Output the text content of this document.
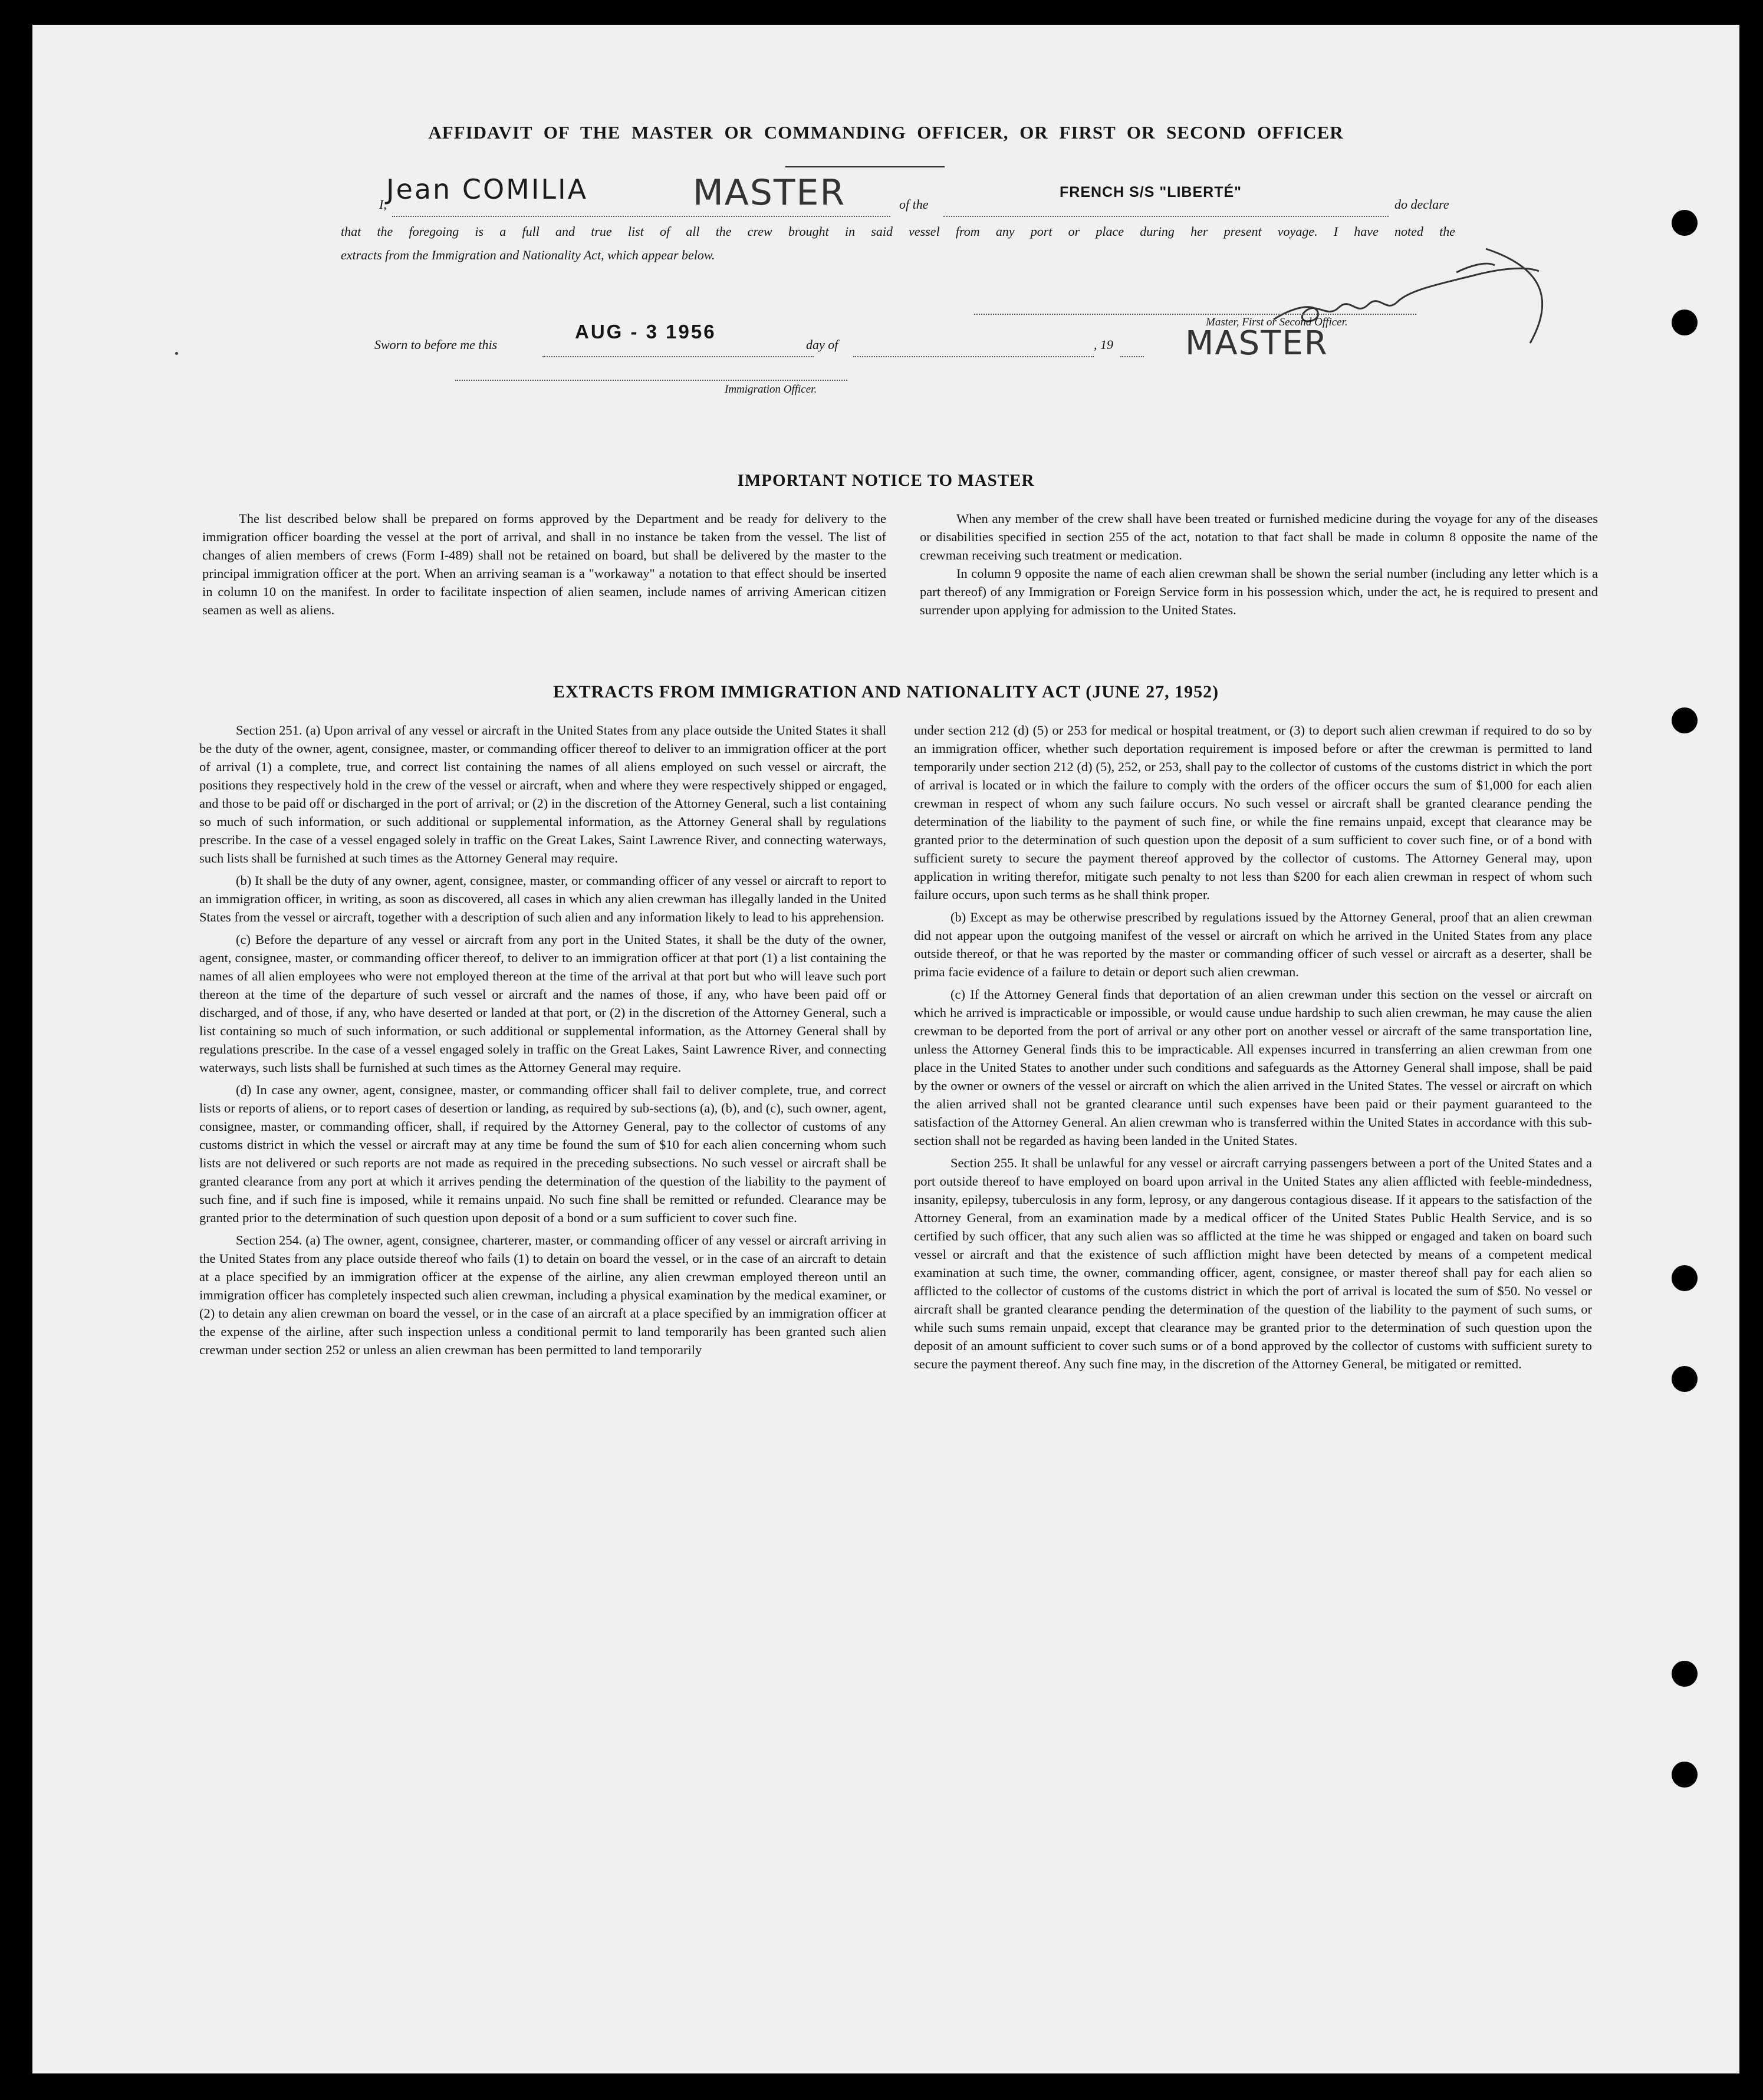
AFFIDAVIT OF THE MASTER OR COMMANDING OFFICER, OR FIRST OR SECOND OFFICER
I, Jean COMILIA	MASTER	of the
FRENCH S/S "LIBERTÉ"
do declare
that the foregoing is a full and true list of all the crew brought in said vessel from any port or place during her present voyage. I have noted the
extracts from the Immigration and Nationality Act, which appear below.
Sworn to before me this
AUG - 3 1956
day of	, 19
Master, First or Second Officer.
MASTER
Immigration Officer.
IMPORTANT NOTICE TO MASTER

The list described below shall be prepared on forms approved by the Department and be ready for delivery to the immigration officer boarding the vessel at the port of arrival, and shall in no instance be taken from the vessel. The list of changes of alien members of crews (Form I-489) shall not be retained on board, but shall be delivered by the master to the principal immigration officer at the port. When an arriving seaman is a "workaway" a notation to that effect should be inserted in column 10 on the manifest. In order to facilitate inspection of alien seamen, include names of arriving American citizen seamen as well as aliens.

When any member of the crew shall have been treated or furnished medicine during the voyage for any of the diseases or disabilities specified in section 255 of the act, notation to that fact shall be made in column 8 opposite the name of the crewman receiving such treatment or medication.

In column 9 opposite the name of each alien crewman shall be shown the serial number (including any letter which is a part thereof) of any Immigration or Foreign Service form in his possession which, under the act, he is required to present and surrender upon applying for admission to the United States.

EXTRACTS FROM IMMIGRATION AND NATIONALITY ACT (JUNE 27, 1952)

Section 251. (a) Upon arrival of any vessel or aircraft in the United States from any place outside the United States it shall be the duty of the owner, agent, consignee, master, or commanding officer thereof to deliver to an immigration officer at the port of arrival (1) a complete, true, and correct list containing the names of all aliens employed on such vessel or aircraft, the positions they respectively hold in the crew of the vessel or aircraft, when and where they were respectively shipped or engaged, and those to be paid off or discharged in the port of arrival; or (2) in the discretion of the Attorney General, such a list containing so much of such information, or such additional or supplemental information, as the Attorney General shall by regulations prescribe. In the case of a vessel engaged solely in traffic on the Great Lakes, Saint Lawrence River, and connecting waterways, such lists shall be furnished at such times as the Attorney General may require.

(b) It shall be the duty of any owner, agent, consignee, master, or commanding officer of any vessel or aircraft to report to an immigration officer, in writing, as soon as discovered, all cases in which any alien crewman has illegally landed in the United States from the vessel or aircraft, together with a description of such alien and any information likely to lead to his apprehension.

(c) Before the departure of any vessel or aircraft from any port in the United States, it shall be the duty of the owner, agent, consignee, master, or commanding officer thereof, to deliver to an immigration officer at that port (1) a list containing the names of all alien employees who were not employed thereon at the time of the arrival at that port but who will leave such port thereon at the time of the departure of such vessel or aircraft and the names of those, if any, who have been paid off or discharged, and of those, if any, who have deserted or landed at that port, or (2) in the discretion of the Attorney General, such a list containing so much of such information, or such additional or supplemental information, as the Attorney General shall by regulations prescribe. In the case of a vessel engaged solely in traffic on the Great Lakes, Saint Lawrence River, and connecting waterways, such lists shall be furnished at such times as the Attorney General may require.

(d) In case any owner, agent, consignee, master, or commanding officer shall fail to deliver complete, true, and correct lists or reports of aliens, or to report cases of desertion or landing, as required by sub-sections (a), (b), and (c), such owner, agent, consignee, master, or commanding officer, shall, if required by the Attorney General, pay to the collector of customs of any customs district in which the vessel or aircraft may at any time be found the sum of $10 for each alien concerning whom such lists are not delivered or such reports are not made as required in the preceding subsections. No such vessel or aircraft shall be granted clearance from any port at which it arrives pending the determination of the question of the liability to the payment of such fine, and if such fine is imposed, while it remains unpaid. No such fine shall be remitted or refunded. Clearance may be granted prior to the determination of such question upon deposit of a bond or a sum sufficient to cover such fine.

Section 254. (a) The owner, agent, consignee, charterer, master, or commanding officer of any vessel or aircraft arriving in the United States from any place outside thereof who fails (1) to detain on board the vessel, or in the case of an aircraft to detain at a place specified by an immigration officer at the expense of the airline, any alien crewman employed thereon until an immigration officer has completely inspected such alien crewman, including a physical examination by the medical examiner, or (2) to detain any alien crewman on board the vessel, or in the case of an aircraft at a place specified by an immigration officer at the expense of the airline, after such inspection unless a conditional permit to land temporarily has been granted such alien crewman under section 252 or unless an alien crewman has been permitted to land temporarily

under section 212 (d) (5) or 253 for medical or hospital treatment, or (3) to deport such alien crewman if required to do so by an immigration officer, whether such deportation requirement is imposed before or after the crewman is permitted to land temporarily under section 212 (d) (5), 252, or 253, shall pay to the collector of customs of the customs district in which the port of arrival is located or in which the failure to comply with the orders of the officer occurs the sum of $1,000 for each alien crewman in respect of whom any such failure occurs. No such vessel or aircraft shall be granted clearance pending the determination of the liability to the payment of such fine, or while the fine remains unpaid, except that clearance may be granted prior to the determination of such question upon the deposit of a sum sufficient to cover such fine, or of a bond with sufficient surety to secure the payment thereof approved by the collector of customs. The Attorney General may, upon application in writing therefor, mitigate such penalty to not less than $200 for each alien crewman in respect of whom such failure occurs, upon such terms as he shall think proper.

(b) Except as may be otherwise prescribed by regulations issued by the Attorney General, proof that an alien crewman did not appear upon the outgoing manifest of the vessel or aircraft on which he arrived in the United States from any place outside thereof, or that he was reported by the master or commanding officer of such vessel or aircraft as a deserter, shall be prima facie evidence of a failure to detain or deport such alien crewman.

(c) If the Attorney General finds that deportation of an alien crewman under this section on the vessel or aircraft on which he arrived is impracticable or impossible, or would cause undue hardship to such alien crewman, he may cause the alien crewman to be deported from the port of arrival or any other port on another vessel or aircraft of the same transportation line, unless the Attorney General finds this to be impracticable. All expenses incurred in transferring an alien crewman from one place in the United States to another under such conditions and safeguards as the Attorney General shall impose, shall be paid by the owner or owners of the vessel or aircraft on which the alien arrived in the United States. The vessel or aircraft on which the alien arrived shall not be granted clearance until such expenses have been paid or their payment guaranteed to the satisfaction of the Attorney General. An alien crewman who is transferred within the United States in accordance with this sub-section shall not be regarded as having been landed in the United States.

Section 255. It shall be unlawful for any vessel or aircraft carrying passengers between a port of the United States and a port outside thereof to have employed on board upon arrival in the United States any alien afflicted with feeble-mindedness, insanity, epilepsy, tuberculosis in any form, leprosy, or any dangerous contagious disease. If it appears to the satisfaction of the Attorney General, from an examination made by a medical officer of the United States Public Health Service, and is so certified by such officer, that any such alien was so afflicted at the time he was shipped or engaged and taken on board such vessel or aircraft and that the existence of such affliction might have been detected by means of a competent medical examination at such time, the owner, commanding officer, agent, consignee, or master thereof shall pay for each alien so afflicted to the collector of customs of the customs district in which the port of arrival is located the sum of $50. No vessel or aircraft shall be granted clearance pending the determination of the question of the liability to the payment of such sums, or while such sums remain unpaid, except that clearance may be granted prior to the determination of such question upon the deposit of an amount sufficient to cover such sums or of a bond approved by the collector of customs with sufficient surety to secure the payment thereof. Any such fine may, in the discretion of the Attorney General, be mitigated or remitted.
